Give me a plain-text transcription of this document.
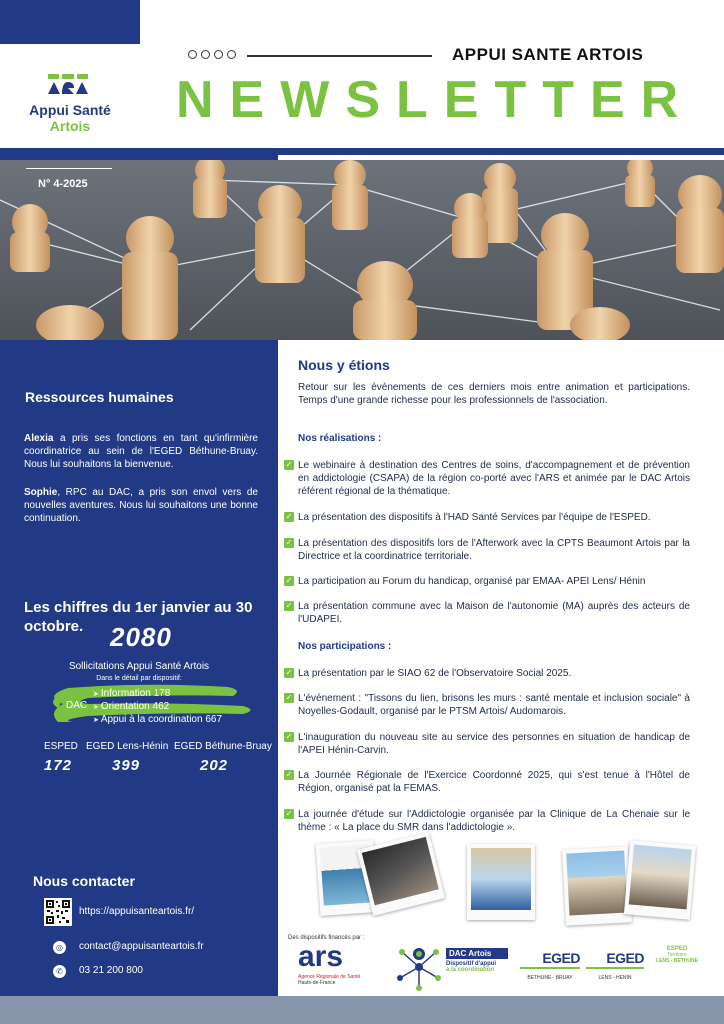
Appui Santé
Artois
APPUI SANTE ARTOIS
NEWSLETTER
N° 4-2025
Ressources humaines

Alexia a pris ses fonctions en tant qu'infirmière coordinatrice au sein de l'EGED Béthune-Bruay. Nous lui souhaitons la bienvenue.

Sophie, RPC au DAC, a pris son envol vers de nouvelles aventures. Nous lui souhaitons une bonne continuation.

Les chiffres du 1er janvier au 30 octobre.	2080
Sollicitations Appui Santé Artois
Dans le détail par dispositif:
DAC
➤ Information 178
➤ Orientation 462
➤ Appui à la coordination 667
ESPED
172
EGED Lens-Hénin
399
EGED Béthune-Bruay
202
Nous contacter
https://appuisanteartois.fr/
◎	contact@appuisanteartois.fr
✆	03 21 200 800
Nous y étions

Retour sur les évènements de ces derniers mois entre animation et participations. Temps d'une grande richesse pour les professionnels de l'association.

Nos réalisations :
✓ Le webinaire à destination des Centres de soins, d'accompagnement et de prévention en addictologie (CSAPA) de la région co-porté avec l'ARS et animée par le DAC Artois référent régional de la thématique.
✓ La présentation des dispositifs à l'HAD Santé Services par l'équipe de l'ESPED.
✓ La présentation des dispositifs lors de l'Afterwork avec la CPTS Beaumont Artois par la Directrice et la coordinatrice territoriale.
✓ La participation au Forum du handicap, organisé par EMAA- APEI Lens/ Hénin
✓ La présentation commune avec la Maison de l'autonomie (MA) auprès des acteurs de l'UDAPEI.
Nos participations :
✓ La présentation par le SIAO 62 de l'Observatoire Social 2025.
✓ L'événement : "Tissons du lien, brisons les murs : santé mentale et inclusion sociale" à Noyelles-Godault, organisé par le PTSM Artois/ Audomarois.
✓ L'inauguration du nouveau site au service des personnes en situation de handicap de l'APEI Hénin-Carvin.
✓ La Journée Régionale de l'Exercice Coordonné 2025, qui s'est tenue à l'Hôtel de Région, organisé pat la FEMAS.
✓ La journée d'étude sur l'Addictologie organisée par la Clinique de La Chenaie sur le thème : « La place du SMR dans l'addictologie ».
Des dispositifs financés par :
ars
Agence Régionale de Santé
Hauts-de-France
DAC Artois
Dispositif d'appui
à la coordination
EGED
BETHUNE - BRUAY
EGED
LENS - HENIN
ESPED
Territoire
LENS - BETHUNE
